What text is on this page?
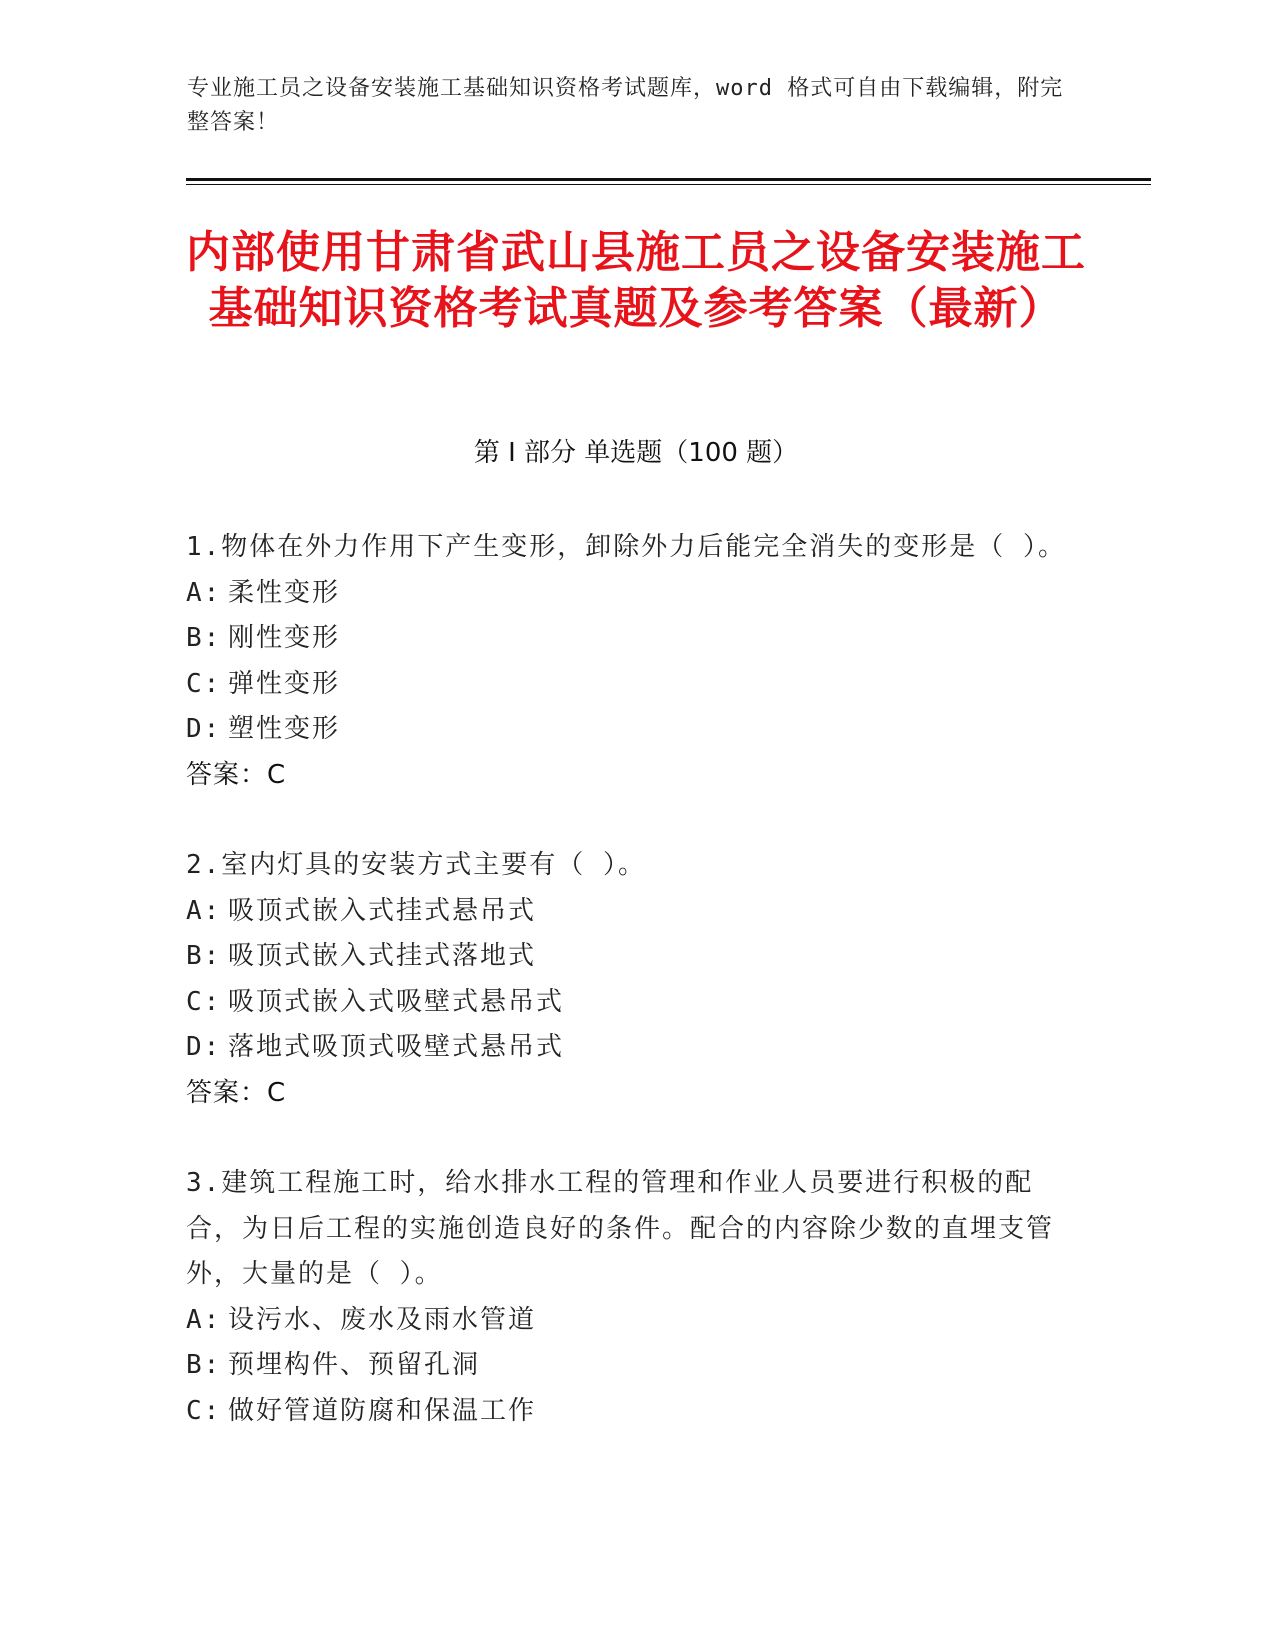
专业施工员之设备安装施工基础知识资格考试题库，word 格式可自由下载编辑，附完整答案！
内部使用甘肃省武山县施工员之设备安装施工基础知识资格考试真题及参考答案（最新）
第 I 部分 单选题（100 题）
1.物体在外力作用下产生变形，卸除外力后能完全消失的变形是（ ）。
A: 柔性变形
B: 刚性变形
C: 弹性变形
D: 塑性变形
答案：C
2.室内灯具的安装方式主要有（ ）。
A: 吸顶式嵌入式挂式悬吊式
B: 吸顶式嵌入式挂式落地式
C: 吸顶式嵌入式吸壁式悬吊式
D: 落地式吸顶式吸壁式悬吊式
答案：C
3.建筑工程施工时，给水排水工程的管理和作业人员要进行积极的配合，为日后工程的实施创造良好的条件。配合的内容除少数的直埋支管外，大量的是（ ）。
A: 设污水、废水及雨水管道
B: 预埋构件、预留孔洞
C: 做好管道防腐和保温工作
